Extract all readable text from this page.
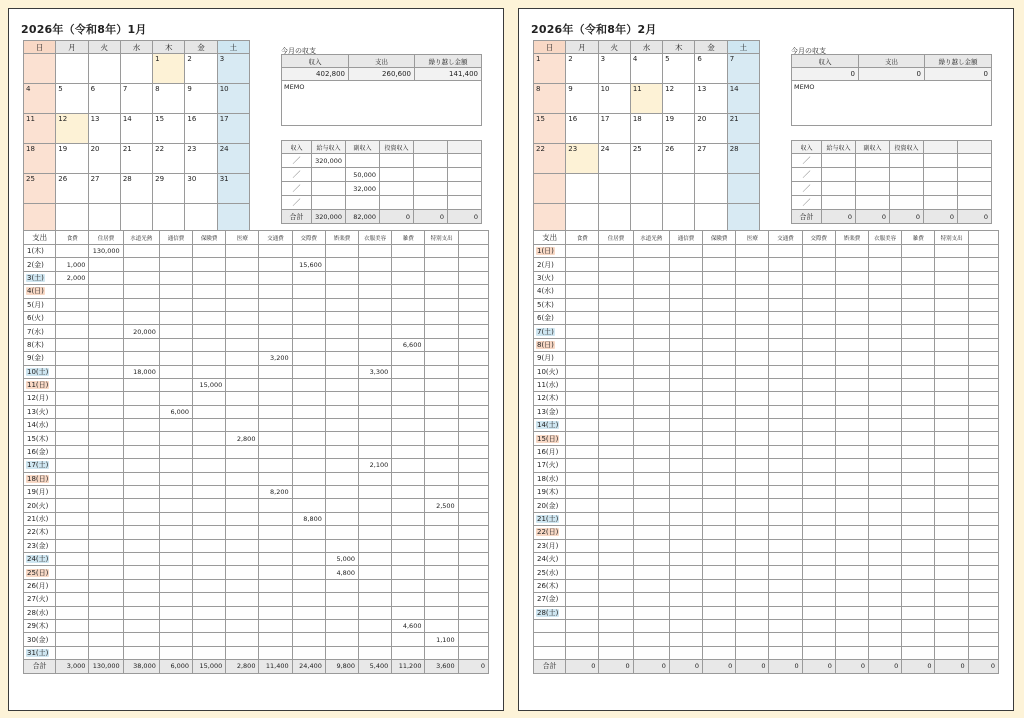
2026年（令和8年）1月
日	月	火	水	木	金	土
				1	2	3
4	5	6	7	8	9	10
11	12	13	14	15	16	17
18	19	20	21	22	23	24
25	26	27	28	29	30	31

今月の収支
収入	支出	繰り越し金額
402,800	260,600	141,400
MEMO		
収入	給与収入	副収入	投資収入		
／	320,000				
／		50,000			
／		32,000			
／					
合計	320,000	82,000	0	0	0
支出	食費	住居費	水道光熱	通信費	保険費	医療	交通費	交際費	娯楽費	衣服美容	雑費	特別支出	
1(木)		130,000											
2(金)	1,000							15,600					
3(土)	2,000												
4(日)													
5(月)													
6(火)													
7(水)			20,000										
8(木)											6,600		
9(金)							3,200						
10(土)			18,000							3,300			
11(日)					15,000								
12(月)													
13(火)				6,000									
14(水)													
15(木)						2,800							
16(金)													
17(土)										2,100			
18(日)													
19(月)							8,200						
20(火)												2,500	
21(水)								8,800					
22(木)													
23(金)													
24(土)									5,000				
25(日)									4,800				
26(月)													
27(火)													
28(水)													
29(木)											4,600		
30(金)												1,100	
31(土)													
合計	3,000	130,000	38,000	6,000	15,000	2,800	11,400	24,400	9,800	5,400	11,200	3,600	0
2026年（令和8年）2月
日	月	火	水	木	金	土
1	2	3	4	5	6	7
8	9	10	11	12	13	14
15	16	17	18	19	20	21
22	23	24	25	26	27	28

今月の収支
収入	支出	繰り越し金額
0	0	0
MEMO		
収入	給与収入	副収入	投資収入		
／					
／					
／					
／					
合計	0	0	0	0	0
支出	食費	住居費	水道光熱	通信費	保険費	医療	交通費	交際費	娯楽費	衣服美容	雑費	特別支出	
1(日)													
2(月)													
3(火)													
4(水)													
5(木)													
6(金)													
7(土)													
8(日)													
9(月)													
10(火)													
11(水)													
12(木)													
13(金)													
14(土)													
15(日)													
16(月)													
17(火)													
18(水)													
19(木)													
20(金)													
21(土)													
22(日)													
23(月)													
24(火)													
25(水)													
26(木)													
27(金)													
28(土)													

合計	0	0	0	0	0	0	0	0	0	0	0	0	0
